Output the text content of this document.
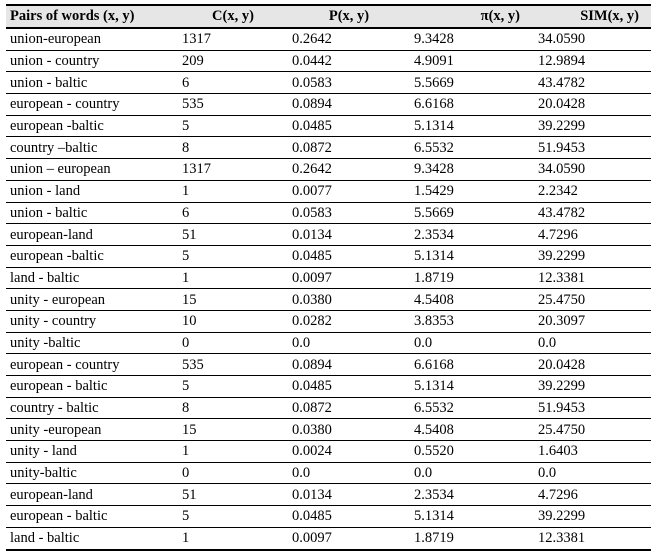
Pairs of words (x, y)	C(x, y)	P(x, y)	π(x, y)	SIM(x, y)
union-european	1317	0.2642	9.3428	34.0590
union - country	209	0.0442	4.9091	12.9894
union - baltic	6	0.0583	5.5669	43.4782
european - country	535	0.0894	6.6168	20.0428
european -baltic	5	0.0485	5.1314	39.2299
country –baltic	8	0.0872	6.5532	51.9453
union – european	1317	0.2642	9.3428	34.0590
union - land	1	0.0077	1.5429	2.2342
union - baltic	6	0.0583	5.5669	43.4782
european-land	51	0.0134	2.3534	4.7296
european -baltic	5	0.0485	5.1314	39.2299
land - baltic	1	0.0097	1.8719	12.3381
unity - european	15	0.0380	4.5408	25.4750
unity - country	10	0.0282	3.8353	20.3097
unity -baltic	0	0.0	0.0	0.0
european - country	535	0.0894	6.6168	20.0428
european - baltic	5	0.0485	5.1314	39.2299
country - baltic	8	0.0872	6.5532	51.9453
unity -european	15	0.0380	4.5408	25.4750
unity - land	1	0.0024	0.5520	1.6403
unity-baltic	0	0.0	0.0	0.0
european-land	51	0.0134	2.3534	4.7296
european - baltic	5	0.0485	5.1314	39.2299
land - baltic	1	0.0097	1.8719	12.3381
